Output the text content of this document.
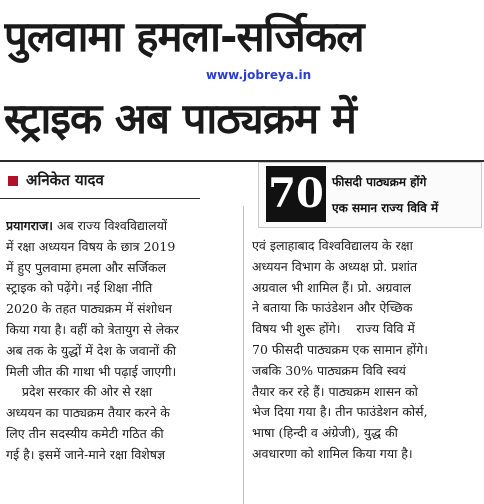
पुलवामा हमला-सर्जिकल
स्ट्राइक अब पाठ्यक्रम में
www.jobreya.in
अनिकेत यादव	70 फीसदी पाठ्यक्रम होंगे
एक समान राज्य विवि में
प्रयागराज। अब राज्य विश्वविद्यालयों
में रक्षा अध्ययन विषय के छात्र 2019
में हुए पुलवामा हमला और सर्जिकल
स्ट्राइक को पढ़ेंगे। नई शिक्षा नीति
2020 के तहत पाठ्यक्रम में संशोधन
किया गया है। वहीं को त्रेतायुग से लेकर
अब तक के युद्धों में देश के जवानों की
मिली जीत की गाथा भी पढ़ाई जाएगी।
प्रदेश सरकार की ओर से रक्षा
अध्ययन का पाठ्यक्रम तैयार करने के
लिए तीन सदस्यीय कमेटी गठित की
गई है। इसमें जाने-माने रक्षा विशेषज्ञ
एवं इलाहाबाद विश्वविद्यालय के रक्षा
अध्ययन विभाग के अध्यक्ष प्रो. प्रशांत
अग्रवाल भी शामिल हैं। प्रो. अग्रवाल
ने बताया कि फाउंडेशन और ऐच्छिक
विषय भी शुरू होंगे।    राज्य विवि में
70 फीसदी पाठ्यक्रम एक सामान होंगे।
जबकि 30% पाठ्यक्रम विवि स्वयं
तैयार कर रहे हैं। पाठ्यक्रम शासन को
भेज दिया गया है। तीन फाउंडेशन कोर्स,
भाषा (हिन्दी व अंग्रेजी), युद्ध की
अवधारणा को शामिल किया गया है।
